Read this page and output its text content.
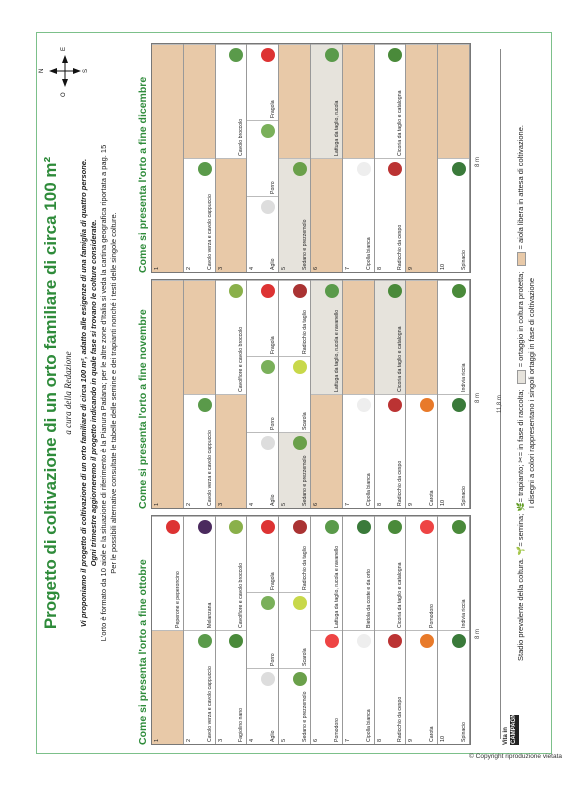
Progetto di coltivazione di un orto familiare di circa 100 m² a cura della Redazione Vi proponiamo il progetto di coltivazione di un orto familiare di circa 100 m², adatto alle esigenze di una famiglia di quattro persone. Ogni trimestre aggiorneremo il progetto indicando in quale fase si trovano le colture considerate. L'orto è formato da 10 aiole e la situazione di riferimento è la Pianura Padana; per le altre zone d'Italia si veda la cartina geografica riportata a pag. 15 Per le possibili alternative consultate le tabelle delle semine e dei trapianti nonché i testi delle singole colture.
N	S
O
E
Come si presenta l'orto a fine ottobre	Peperone e peperoncino
1	Cavolo verza e cavolo cappuccio
Melanzana
2	Fagiolino nano
Cavolfiore e cavolo broccolo
3	Aglio
Porro
Fragola
4	Sedano e prezzemolo
Scarola
Radicchio da taglio
5	Pomodoro
Lattuga da taglio, rucola e ravanello
6	Cipolla bianca
Bietola da coste e da orto
7	Radicchio da cespo
Cicoria da taglio e catalogna
8	Carota
Pomodoro
9	Spinacio
Indivia riccia
10
8 m
Come si presenta l'orto a fine novembre 1	Cavolo verza e cavolo cappuccio
2
Cavolfiore e cavolo broccolo
3	Aglio
Porro
Fragola
4	Sedano e prezzemolo
Scarola
Radicchio da taglio
5
Lattuga da taglio, rucola e ravanello
6	Cipolla bianca
7	Radicchio da cespo
Cicoria da taglio e catalogna
8	Carota
9	Spinacio
Indivia riccia
10
8 m
Come si presenta l'orto a fine dicembre 1	Cavolo verza e cavolo cappuccio
2
Cavolo broccolo
3	Aglio
Porro
Fragola
4	Sedano e prezzemolo
5
Lattuga da taglio, rucola
6	Cipolla bianca
7	Radicchio da cespo
Cicoria da taglio e catalogna
8	9	Spinacio
10
8 m
11,8 m
Vita in CAMPAGNA
Stadio prevalente della coltura. 🌱= semina; 🌿= trapianto; ✂= in fase di raccolta; = ortaggio in coltura protetta; = aiola libera in attesa di coltivazione.
I disegni a colori rappresentano i singoli ortaggi in fase di coltivazione
© Copyright riproduzione vietata
